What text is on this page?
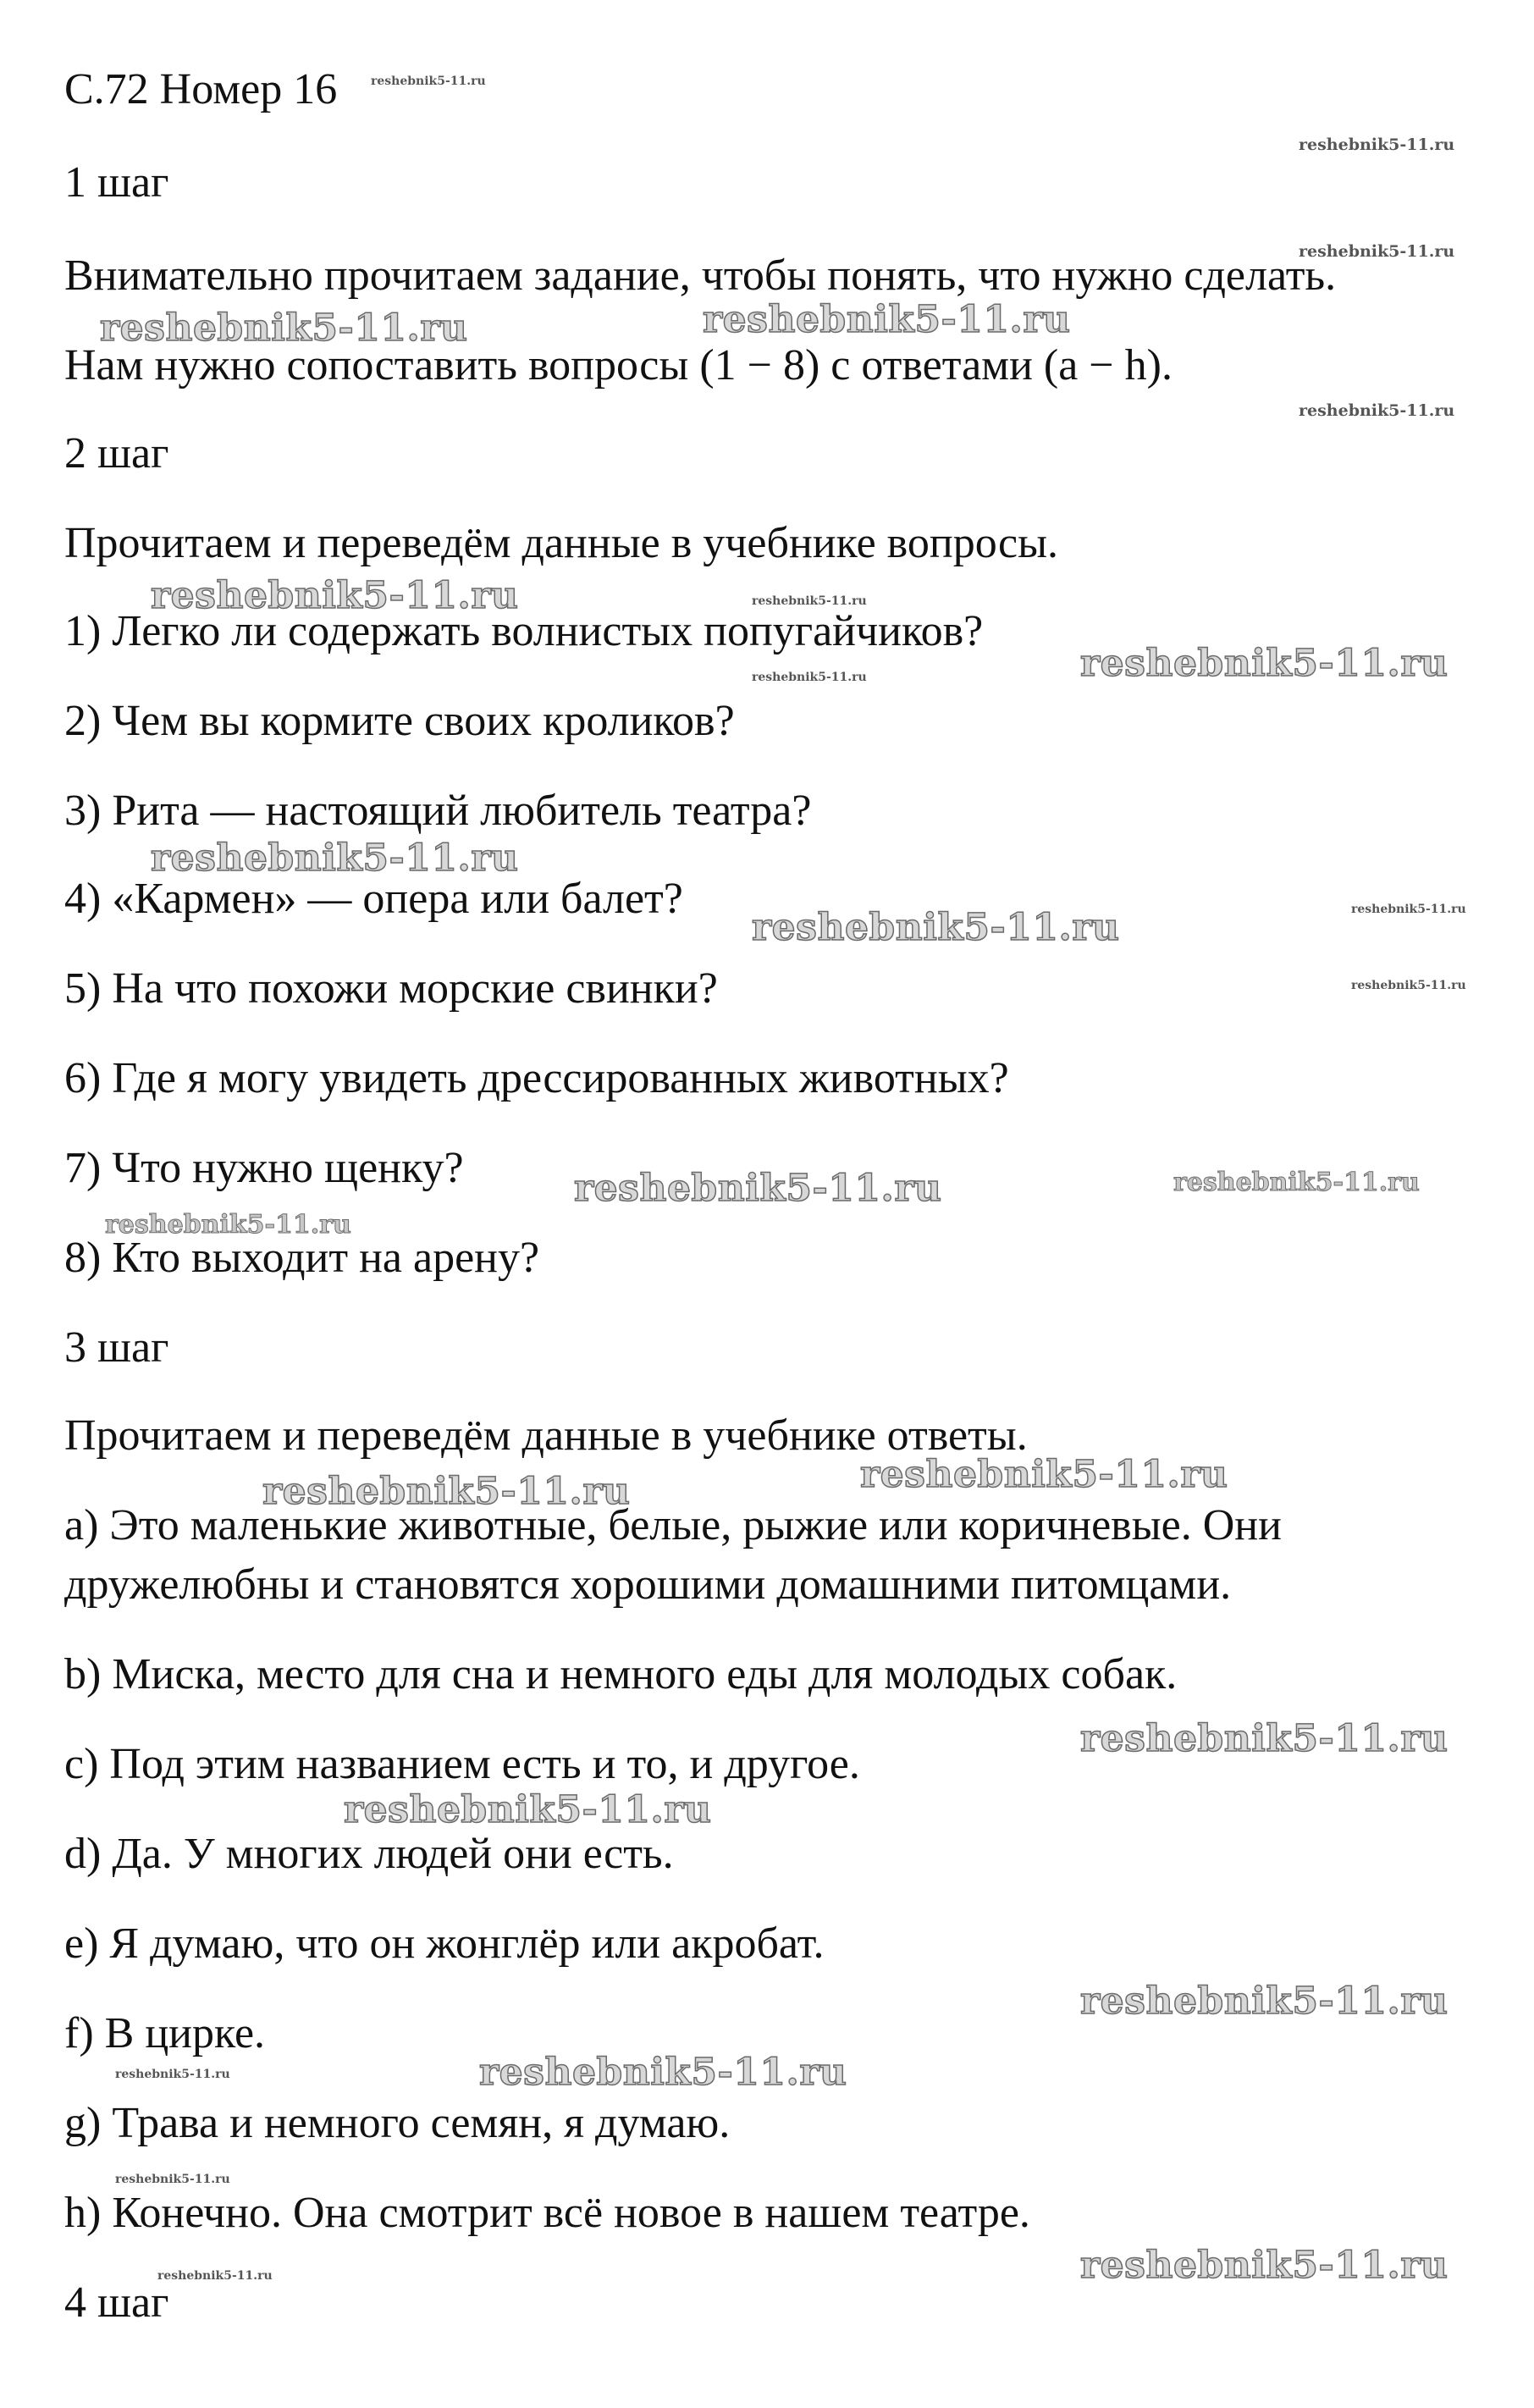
С.72 Номер 16

1 шаг

Внимательно прочитаем задание, чтобы понять, что нужно сделать.

Нам нужно сопоставить вопросы (1 − 8) с ответами (a − h).

2 шаг

Прочитаем и переведём данные в учебнике вопросы.

1) Легко ли содержать волнистых попугайчиков?

2) Чем вы кормите своих кроликов?

3) Рита — настоящий любитель театра?

4) «Кармен» — опера или балет?

5) На что похожи морские свинки?

6) Где я могу увидеть дрессированных животных?

7) Что нужно щенку?

8) Кто выходит на арену?

3 шаг

Прочитаем и переведём данные в учебнике ответы.

a) Это маленькие животные, белые, рыжие или коричневые. Они

дружелюбны и становятся хорошими домашними питомцами.

b) Миска, место для сна и немного еды для молодых собак.

c) Под этим названием есть и то, и другое.

d) Да. У многих людей они есть.

e) Я думаю, что он жонглёр или акробат.

f) В цирке.

g) Трава и немного семян, я думаю.

h) Конечно. Она смотрит всё новое в нашем театре.

4 шаг

reshebnik5-11.ru	reshebnik5-11.ru
reshebnik5-11.ru
reshebnik5-11.ru
reshebnik5-11.ru
reshebnik5-11.ru
reshebnik5-11.ru
reshebnik5-11.ru	reshebnik5-11.ru
reshebnik5-11.ru
reshebnik5-11.ru
reshebnik5-11.ru
reshebnik5-11.ru
reshebnik5-11.ru
reshebnik5-11.ru
reshebnik5-11.ru
reshebnik5-11.ru
reshebnik5-11.ru
reshebnik5-11.ru
reshebnik5-11.ru
reshebnik5-11.ru
reshebnik5-11.ru
reshebnik5-11.ru
reshebnik5-11.ru
reshebnik5-11.ru
reshebnik5-11.ru
reshebnik5-11.ru
